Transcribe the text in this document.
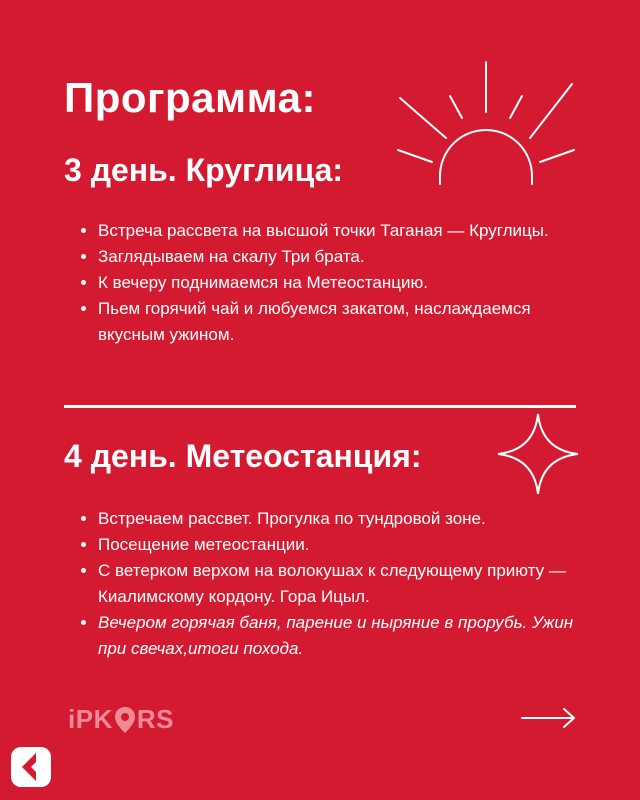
Программа:
3 день. Круглица:
• Встреча рассвета на высшой точки Таганая — Круглицы.
• Заглядываем на скалу Три брата.
• К вечеру поднимаемся на Метеостанцию.
• Пьем горячий чай и любуемся закатом, наслаждаемся вкусным ужином.
4 день. Метеостанция:
• Встречаем рассвет. Прогулка по тундровой зоне.
• Посещение метеостанции.
• С ветерком верхом на волокушах к следующему приюту — Киалимскому кордону. Гора Ицыл.
• Вечером горячая баня, парение и ныряние в прорубь. Ужин при свечах,итоги похода.
iPK RS
